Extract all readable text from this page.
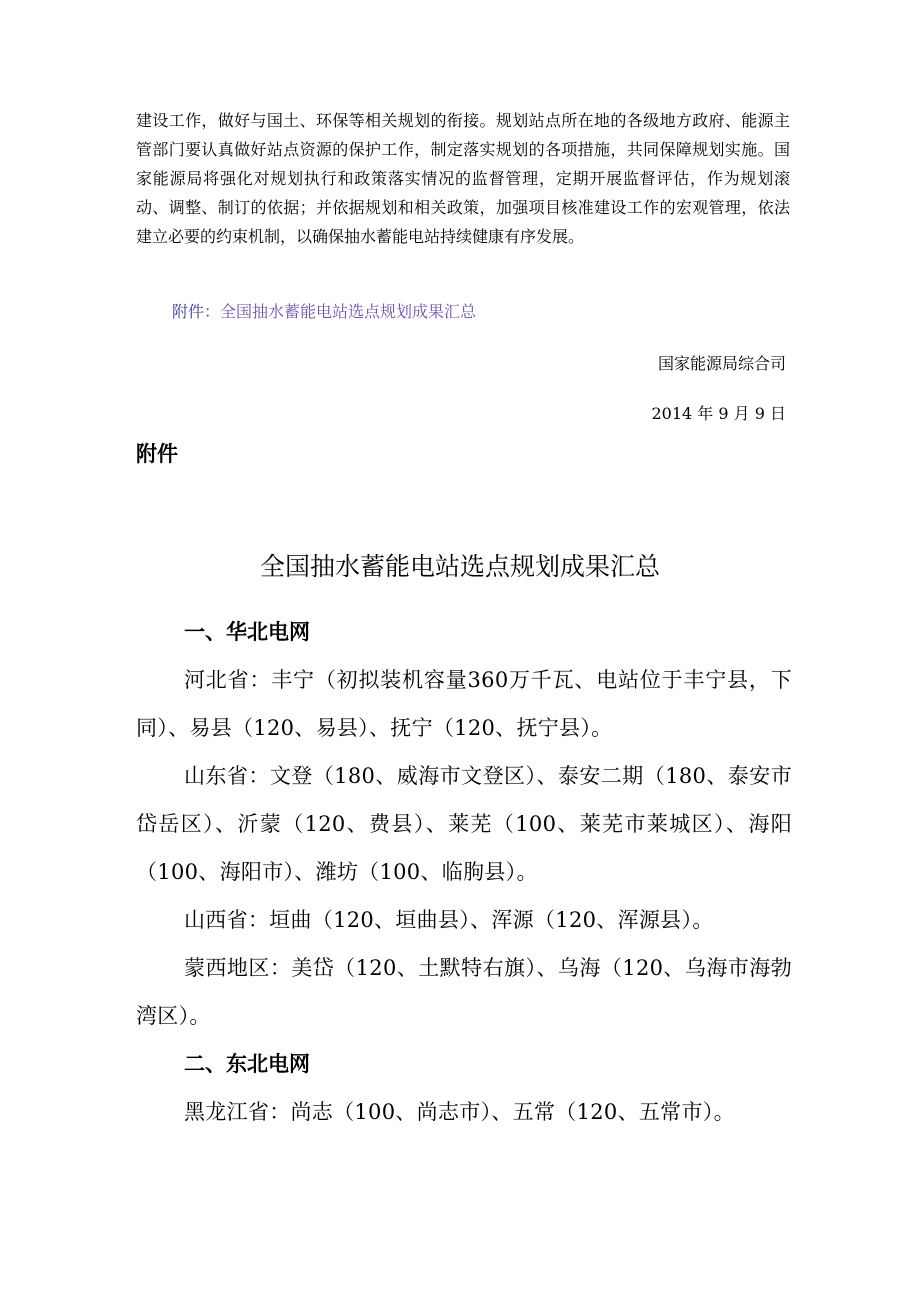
建设工作，做好与国土、环保等相关规划的衔接。规划站点所在地的各级地方政府、能源主管部门要认真做好站点资源的保护工作，制定落实规划的各项措施，共同保障规划实施。国家能源局将强化对规划执行和政策落实情况的监督管理，定期开展监督评估，作为规划滚动、调整、制订的依据；并依据规划和相关政策，加强项目核准建设工作的宏观管理，依法建立必要的约束机制，以确保抽水蓄能电站持续健康有序发展。

附件：全国抽水蓄能电站选点规划成果汇总
国家能源局综合司
2014 年 9 月 9 日
附件
全国抽水蓄能电站选点规划成果汇总
一、华北电网

河北省：丰宁（初拟装机容量360万千瓦、电站位于丰宁县，下同）、易县（120、易县）、抚宁（120、抚宁县）。

山东省：文登（180、威海市文登区）、泰安二期（180、泰安市岱岳区）、沂蒙（120、费县）、莱芜（100、莱芜市莱城区）、海阳（100、海阳市）、潍坊（100、临朐县）。

山西省：垣曲（120、垣曲县）、浑源（120、浑源县）。

蒙西地区：美岱（120、土默特右旗）、乌海（120、乌海市海勃湾区）。

二、东北电网

黑龙江省：尚志（100、尚志市）、五常（120、五常市）。
